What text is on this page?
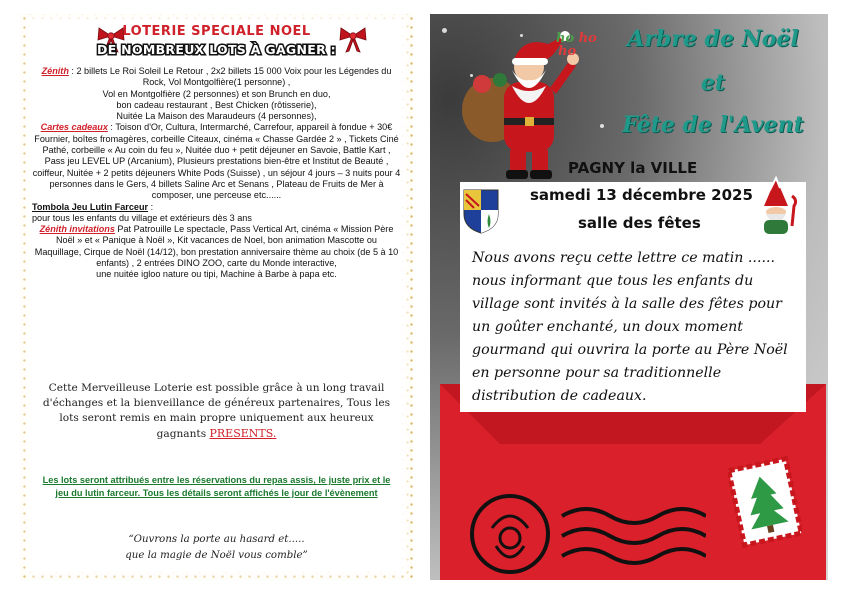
LOTERIE SPECIALE NOEL
DE NOMBREUX LOTS À GAGNER :
Zénith : 2 billets Le Roi Soleil Le Retour , 2x2 billets 15 000 Voix pour les Légendes du Rock, Vol Montgolfière(1 personne) ,
Vol en Montgolfière (2 personnes) et son Brunch en duo,
bon cadeau restaurant , Best Chicken (rôtisserie),
Nuitée La Maison des Maraudeurs (4 personnes),
Cartes cadeaux : Toison d'Or, Cultura, Intermarché, Carrefour, appareil à fondue + 30€ Fournier, boîtes fromagères, corbeille Citeaux, cinéma « Chasse Gardée 2 » , Tickets Ciné Pathé, corbeille « Au coin du feu », Nuitée duo + petit déjeuner en Savoie, Battle Kart , Pass jeu LEVEL UP (Arcanium), Plusieurs prestations bien-être et Institut de Beauté , coiffeur, Nuitée + 2 petits déjeuners White Pods (Suisse) , un séjour 4 jours – 3 nuits pour 4 personnes dans le Gers, 4 billets Saline Arc et Senans , Plateau de Fruits de Mer à composer, une perceuse etc......
Tombola Jeu Lutin Farceur :
pour tous les enfants du village et extérieurs dès 3 ans
Zénith invitations Pat Patrouille Le spectacle, Pass Vertical Art, cinéma « Mission Père Noël » et « Panique à Noël », Kit vacances de Noel, bon animation Mascotte ou Maquillage, Cirque de Noël (14/12), bon prestation anniversaire thème au choix (de 5 à 10 enfants) , 2 entrées DINO ZOO, carte du Monde interactive,
une nuitée igloo nature ou tipi, Machine à Barbe à papa etc.
Cette Merveilleuse Loterie est possible grâce à un long travail d'échanges et la bienveillance de généreux partenaires, Tous les lots seront remis en main propre uniquement aux heureux gagnants PRESENTS.
Les lots seront attribués entre les réservations du repas assis, le juste prix et le jeu du lutin farceur. Tous les détails seront affichés le jour de l'évènement
“Ouvrons la porte au hasard et.....
que la magie de Noël vous comble”
ho ho
ho	Arbre de Noël
et
Fête de l'Avent
PAGNY la VILLE
samedi 13 décembre 2025
salle des fêtes
Nous avons reçu cette lettre ce matin ...... nous informant que tous les enfants du village sont invités à la salle des fêtes pour un goûter enchanté, un doux moment gourmand qui ouvrira la porte au Père Noël en personne pour sa traditionnelle distribution de cadeaux.
